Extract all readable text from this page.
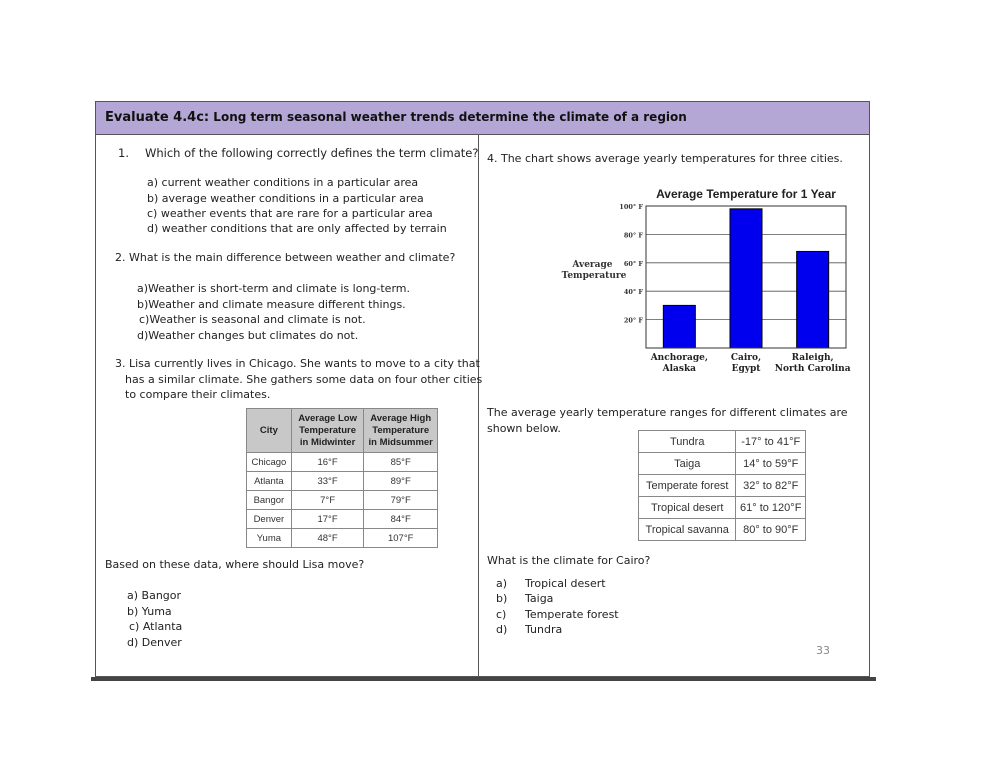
Evaluate 4.4c: Long term seasonal weather trends determine the climate of a region
1. Which of the following correctly defines the term climate?
a) current weather conditions in a particular area
b) average weather conditions in a particular area
c) weather events that are rare for a particular area
d) weather conditions that are only affected by terrain
2. What is the main difference between weather and climate?
a)Weather is short-term and climate is long-term.
b)Weather and climate measure different things.
c)Weather is seasonal and climate is not.
d)Weather changes but climates do not.
3. Lisa currently lives in Chicago. She wants to move to a city that
has a similar climate. She gathers some data on four other cities
to compare their climates.
City	Average Low
Temperature
in Midwinter	Average High
Temperature
in Midsummer
Chicago	16°F	85°F
Atlanta	33°F	89°F
Bangor	7°F	79°F
Denver	17°F	84°F
Yuma	48°F	107°F
Based on these data, where should Lisa move?
a) Bangor
b) Yuma
c) Atlanta
d) Denver
4. The chart shows average yearly temperatures for three cities.
The average yearly temperature ranges for different climates are
shown below.
Tundra	-17° to 41°F
Taiga	14° to 59°F
Temperate forest	32° to 82°F
Tropical desert	61° to 120°F
Tropical savanna	80° to 90°F
What is the climate for Cairo?
a) Tropical desert
b) Taiga
c) Temperate forest
d) Tundra
33
Average Temperature for 1 Year
20° F
40° F
60° F
80° F
100° F
Anchorage, Alaska
Cairo, Egypt
Raleigh, North Carolina
Average Temperature
